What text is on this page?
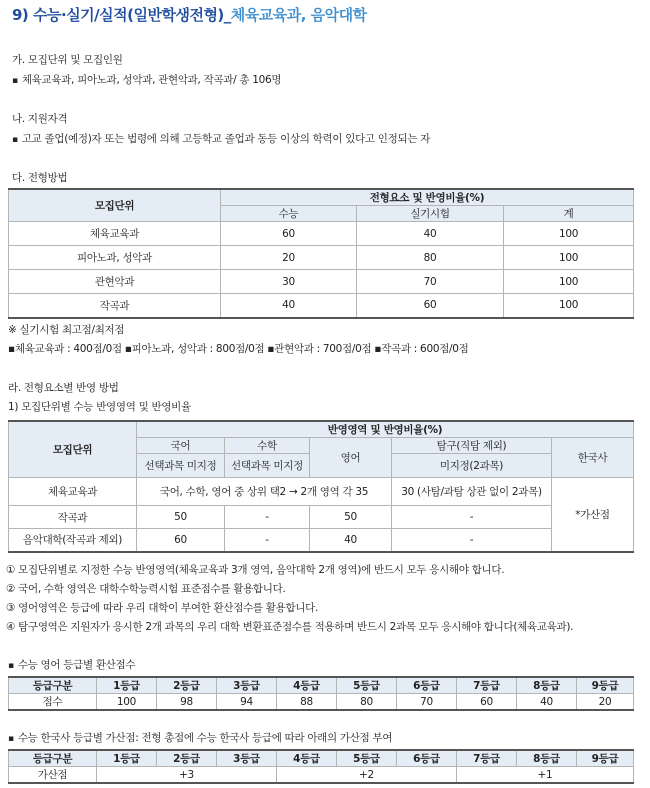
9) 수능·실기/실적(일반학생전형)_체육교육과, 음악대학
가. 모집단위 및 모집인원
▪ 체육교육과, 피아노과, 성악과, 관현악과, 작곡과/ 총 106명
나. 지원자격
▪ 고교 졸업(예정)자 또는 법령에 의해 고등학교 졸업과 동등 이상의 학력이 있다고 인정되는 자
다. 전형방법
모집단위	전형요소 및 반영비율(%)		
	수능	실기시험	계
체육교육과	60	40	100
피아노과, 성악과	20	80	100
관현악과	30	70	100
작곡과	40	60	100
※ 실기시험 최고점/최저점
▪체육교육과 : 400점/0점 ▪피아노과, 성악과 : 800점/0점 ▪관현악과 : 700점/0점 ▪작곡과 : 600점/0점
라. 전형요소별 반영 방법
1) 모집단위별 수능 반영영역 및 반영비율
모집단위	반영영역 및 반영비율(%)				
	국어	수학	영어	탐구(직탐 제외)	한국사
	선택과목 미지정	선택과목 미지정		미지정(2과목)	
체육교육과	국어, 수학, 영어 중 상위 택2 → 2개 영역 각 35			30 (사탐/과탐 상관 없이 2과목)	*가산점
작곡과	50	-	50	-	
음악대학(작곡과 제외)	60	-	40	-	
① 모집단위별로 지정한 수능 반영영역(체육교육과 3개 영역, 음악대학 2개 영역)에 반드시 모두 응시해야 합니다.
② 국어, 수학 영역은 대학수학능력시험 표준점수를 활용합니다.
③ 영어영역은 등급에 따라 우리 대학이 부여한 환산점수를 활용합니다.
④ 탐구영역은 지원자가 응시한 2개 과목의 우리 대학 변환표준점수를 적용하며 반드시 2과목 모두 응시해야 합니다(체육교육과).
▪ 수능 영어 등급별 환산점수
등급구분	1등급	2등급	3등급	4등급	5등급	6등급	7등급	8등급	9등급
점수	100	98	94	88	80	70	60	40	20
▪ 수능 한국사 등급별 가산점: 전형 총점에 수능 한국사 등급에 따라 아래의 가산점 부여
등급구분	1등급	2등급	3등급	4등급	5등급	6등급	7등급	8등급	9등급
가산점	+3			+2			+1		
